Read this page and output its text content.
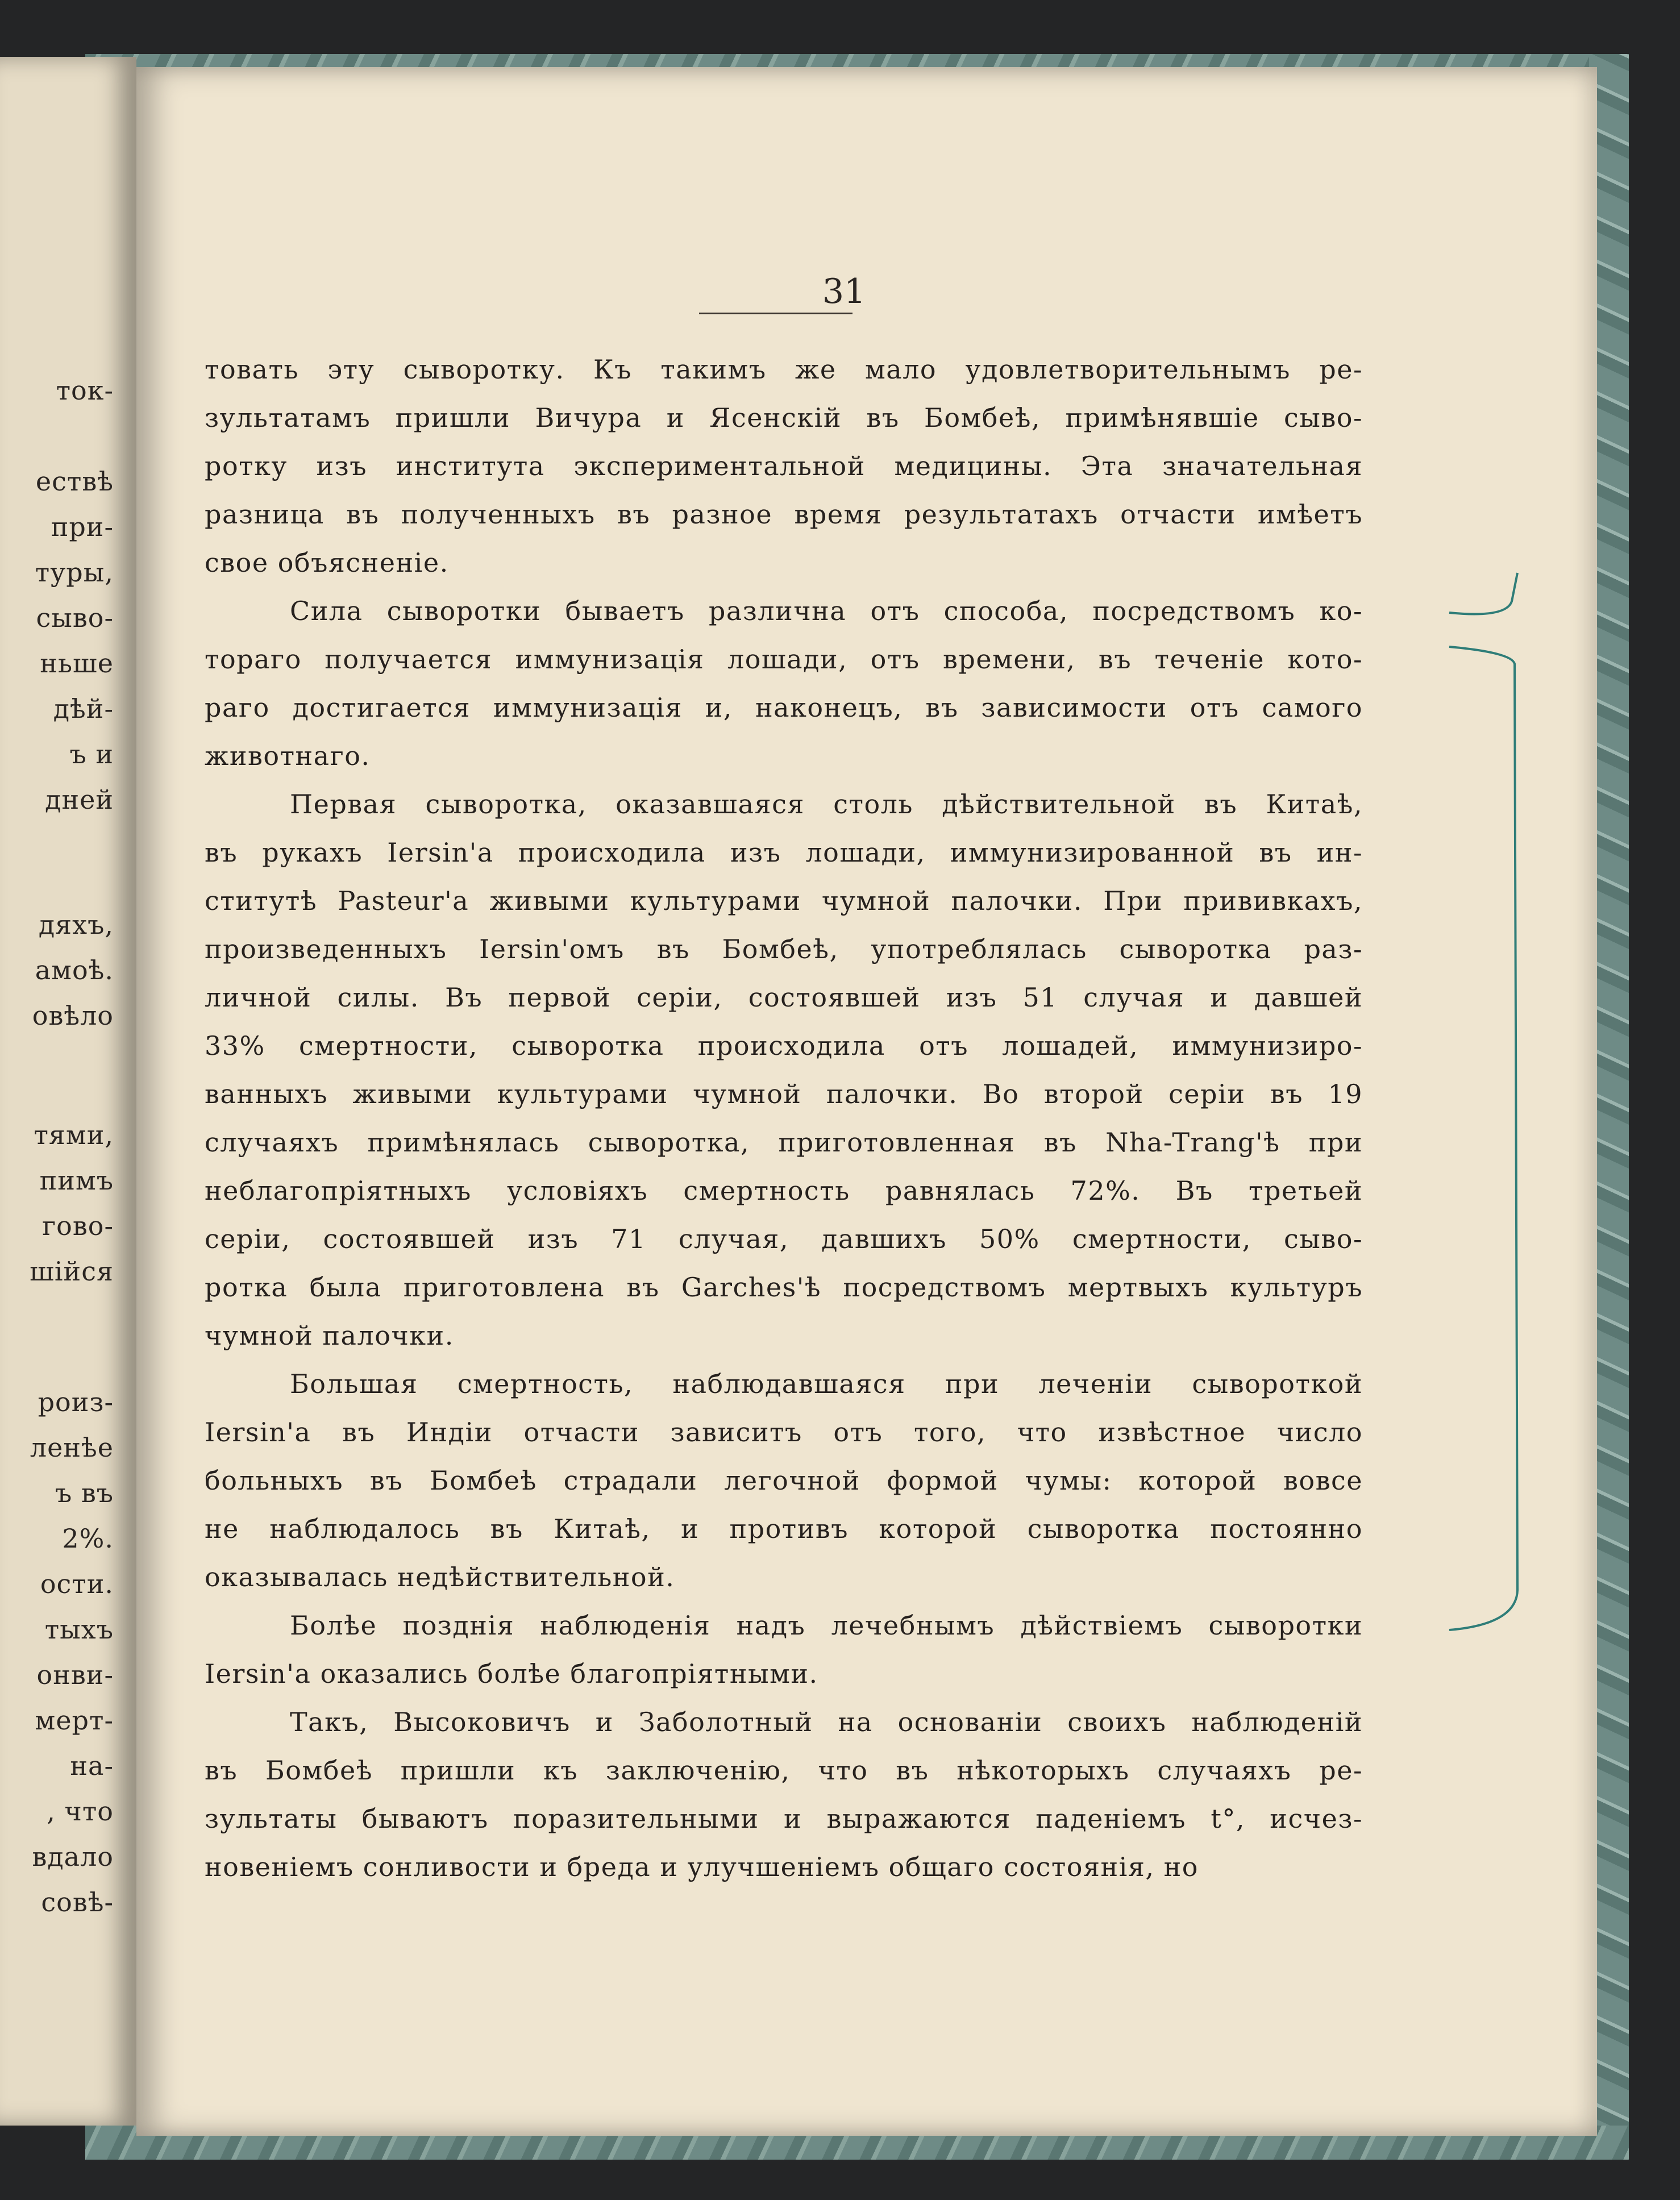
ток-
ествѣ
при-
туры,
сыво-
ньше
дѣй-
ъ и
дней
дяхъ,
амоѣ.
овѣло
тями,
пимъ
гово-
шійся
роиз-
ленѣе
ъ въ
2%.
ости.
тыхъ
онви-
мерт-
на-
, что
вдало
совѣ-
31
товать эту сыворотку. Къ такимъ же мало удовлетворительнымъ ре-
зультатамъ пришли Вичура и Ясенскій въ Бомбеѣ, примѣнявшіе сыво-
ротку изъ института экспериментальной медицины. Эта значательная
разница въ полученныхъ въ разное время результатахъ отчасти имѣетъ
свое объясненіе.
Сила сыворотки бываетъ различна отъ способа, посредствомъ ко-
тораго получается иммунизація лошади, отъ времени, въ теченіе кото-
раго достигается иммунизація и, наконецъ, въ зависимости отъ самого
животнаго.
Первая сыворотка, оказавшаяся столь дѣйствительной въ Китаѣ,
въ рукахъ Iersin'а происходила изъ лошади, иммунизированной въ ин-
ститутѣ Pasteur'а живыми культурами чумной палочки. При прививкахъ,
произведенныхъ Iersin'омъ въ Бомбеѣ, употреблялась сыворотка раз-
личной силы. Въ первой серіи, состоявшей изъ 51 случая и давшей
33% смертности, сыворотка происходила отъ лошадей, иммунизиро-
ванныхъ живыми культурами чумной палочки. Во второй серіи въ 19
случаяхъ примѣнялась сыворотка, приготовленная въ Nha-Trang'ѣ при
неблагопріятныхъ условіяхъ смертность равнялась 72%. Въ третьей
серіи, состоявшей изъ 71 случая, давшихъ 50% смертности, сыво-
ротка была приготовлена въ Garches'ѣ посредствомъ мертвыхъ культуръ
чумной палочки.
Большая смертность, наблюдавшаяся при леченіи сывороткой
Iersin'а въ Индіи отчасти зависитъ отъ того, что извѣстное число
больныхъ въ Бомбеѣ страдали легочной формой чумы: которой вовсе
не наблюдалось въ Китаѣ, и противъ которой сыворотка постоянно
оказывалась недѣйствительной.
Болѣе позднія наблюденія надъ лечебнымъ дѣйствіемъ сыворотки
Iersin'а оказались болѣе благопріятными.
Такъ, Высоковичъ и Заболотный на основаніи своихъ наблюденій
въ Бомбеѣ пришли къ заключенію, что въ нѣкоторыхъ случаяхъ ре-
зультаты бываютъ поразительными и выражаются паденіемъ t°, исчез-
новеніемъ сонливости и бреда и улучшеніемъ общаго состоянія, но
